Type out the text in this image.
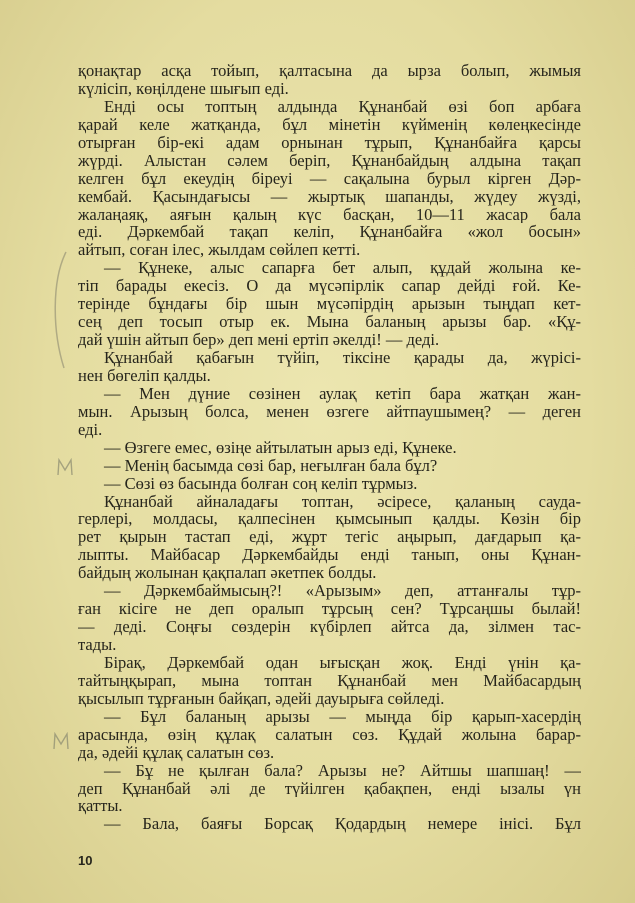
қонақтар асқа тойып, қалтасына да ырза болып, жымыя
күлісіп, көңілдене шығып еді.
Енді осы топтың алдында Құнанбай өзі боп арбаға
қарай келе жатқанда, бұл мінетін күйменің көлеңкесінде
отырған бір-екі адам орнынан тұрып, Құнанбайға қарсы
жүрді. Алыстан сәлем беріп, Құнанбайдың алдына тақап
келген бұл екеудің біреуі — сақалына бурыл кірген Дәр-
кембай. Қасындағысы — жыртық шапанды, жүдеу жүзді,
жалаңаяқ, аяғын қалың күс басқан, 10—11 жасар бала
еді. Дәркембай тақап келіп, Құнанбайға «жол босын»
айтып, соған ілес, жылдам сөйлеп кетті.
— Құнеке, алыс сапарға бет алып, құдай жолына ке-
тіп барады екесіз. О да мүсәпірлік сапар дейді ғой. Ке-
терінде бұндағы бір шын мүсәпірдің арызын тыңдап кет-
сең деп тосып отыр ек. Мына баланың арызы бар. «Құ-
дай үшін айтып бер» деп мені ертіп әкелді! — деді.
Құнанбай қабағын түйіп, тіксіне қарады да, жүрісі-
нен бөгеліп қалды.
— Мен дүние сөзінен аулақ кетіп бара жатқан жан-
мын. Арызың болса, менен өзгеге айтпаушымең? — деген
еді.
— Өзгеге емес, өзіңе айтылатын арыз еді, Құнеке.
— Менің басымда сөзі бар, неғылған бала бұл?
— Сөзі өз басында болған соң келіп тұрмыз.
Құнанбай айналадағы топтан, әсіресе, қаланың сауда-
герлері, молдасы, қалпесінен қымсынып қалды. Көзін бір
рет қырын тастап еді, жұрт тегіс аңырып, дағдарып қа-
лыпты. Майбасар Дәркембайды енді танып, оны Құнан-
байдың жолынан қақпалап әкетпек болды.
— Дәркембаймысың?! «Арызым» деп, аттанғалы тұр-
ған кісіге не деп оралып тұрсың сен? Тұрсаңшы былай!
— деді. Соңғы сөздерін күбірлеп айтса да, зілмен тас-
тады.
Бірақ, Дәркембай одан ығысқан жоқ. Енді үнін қа-
тайтыңқырап, мына топтан Құнанбай мен Майбасардың
қысылып тұрғанын байқап, әдейі дауырыға сөйледі.
— Бұл баланың арызы — мыңда бір қарып-хасердің
арасында, өзің құлақ салатын сөз. Құдай жолына барар-
да, әдейі құлақ салатын сөз.
— Бұ не қылған бала? Арызы не? Айтшы шапшаң! —
деп Құнанбай әлі де түйілген қабақпен, енді ызалы үн
қатты.
— Бала, баяғы Борсақ Қодардың немере інісі. Бұл
10
